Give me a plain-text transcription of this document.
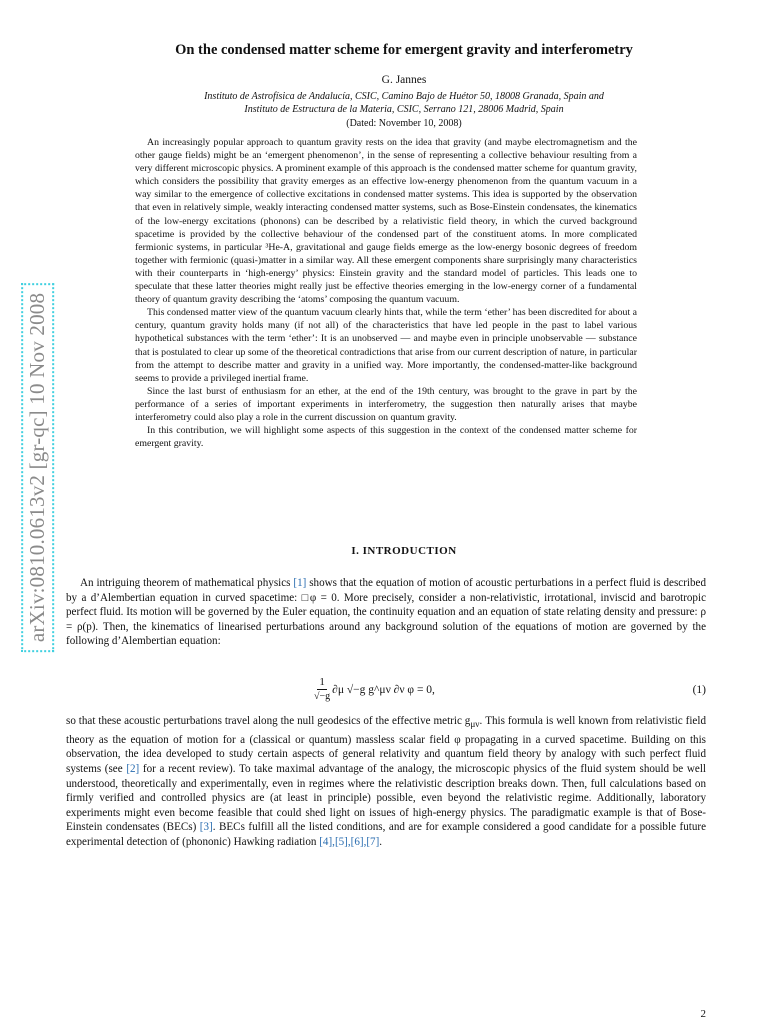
arXiv:0810.0613v2 [gr-qc] 10 Nov 2008
On the condensed matter scheme for emergent gravity and interferometry
G. Jannes
Instituto de Astrofísica de Andalucía, CSIC, Camino Bajo de Huétor 50, 18008 Granada, Spain and
Instituto de Estructura de la Materia, CSIC, Serrano 121, 28006 Madrid, Spain
(Dated: November 10, 2008)

An increasingly popular approach to quantum gravity rests on the idea that gravity (and maybe electromagnetism and the other gauge fields) might be an ‘emergent phenomenon’, in the sense of representing a collective behaviour resulting from a very different microscopic physics. A prominent example of this approach is the condensed matter scheme for quantum gravity, which considers the possibility that gravity emerges as an effective low-energy phenomenon from the quantum vacuum in a way similar to the emergence of collective excitations in condensed matter systems. This idea is supported by the observation that even in relatively simple, weakly interacting condensed matter systems, such as Bose-Einstein condensates, the kinematics of the low-energy excitations (phonons) can be described by a relativistic field theory, in which the curved background spacetime is provided by the collective behaviour of the condensed part of the constituent atoms. In more complicated fermionic systems, in particular ³He-A, gravitational and gauge fields emerge as the low-energy bosonic degrees of freedom together with fermionic (quasi-)matter in a similar way. All these emergent components share surprisingly many characteristics with their counterparts in ‘high-energy’ physics: Einstein gravity and the standard model of particles. This leads one to speculate that these latter theories might really just be effective theories emerging in the low-energy corner of a fundamental theory of quantum gravity describing the ‘atoms’ composing the quantum vacuum.

This condensed matter view of the quantum vacuum clearly hints that, while the term ‘ether’ has been discredited for about a century, quantum gravity holds many (if not all) of the characteristics that have led people in the past to label various hypothetical substances with the term ‘ether’: It is an unobserved — and maybe even in principle unobservable — substance that is postulated to clear up some of the theoretical contradictions that arise from our current description of nature, in particular from the attempt to describe matter and gravity in a unified way. More importantly, the condensed-matter-like background seems to provide a privileged inertial frame.

Since the last burst of enthusiasm for an ether, at the end of the 19th century, was brought to the grave in part by the performance of a series of important experiments in interferometry, the suggestion then naturally arises that maybe interferometry could also play a role in the current discussion on quantum gravity.

In this contribution, we will highlight some aspects of this suggestion in the context of the condensed matter scheme for emergent gravity.

I. INTRODUCTION

An intriguing theorem of mathematical physics [1] shows that the equation of motion of acoustic perturbations in a perfect fluid is described by a d’Alembertian equation in curved spacetime: □φ = 0. More precisely, consider a non-relativistic, irrotational, inviscid and barotropic perfect fluid. Its motion will be governed by the Euler equation, the continuity equation and an equation of state relating density and pressure: ρ = ρ(p). Then, the kinematics of linearised perturbations around any background solution of the equations of motion are governed by the following d’Alembertian equation:

$\frac{1}{√-g} \partial\mu$ √−g g^μν ∂ν φ = 0,	(1)

so that these acoustic perturbations travel along the null geodesics of the effective metric $g_{\mu\nu}$. This formula is well known from relativistic field theory as the equation of motion for a (classical or quantum) massless scalar field φ propagating in a curved spacetime. Building on this observation, the idea developed to study certain aspects of general relativity and quantum field theory by analogy with such perfect fluid systems (see [2] for a recent review). To take maximal advantage of the analogy, the microscopic physics of the fluid system should be well understood, theoretically and experimentally, even in regimes where the relativistic description breaks down. Then, full calculations based on firmly verified and controlled physics are (at least in principle) possible, even beyond the relativistic regime. Additionally, laboratory experiments might even become feasible that could shed light on issues of high-energy physics. The paradigmatic example is that of Bose-Einstein condensates (BECs) [3]. BECs fulfill all the listed conditions, and are for example considered a good candidate for a possible future experimental detection of (phononic) Hawking radiation [4],[5],[6],[7].

2
